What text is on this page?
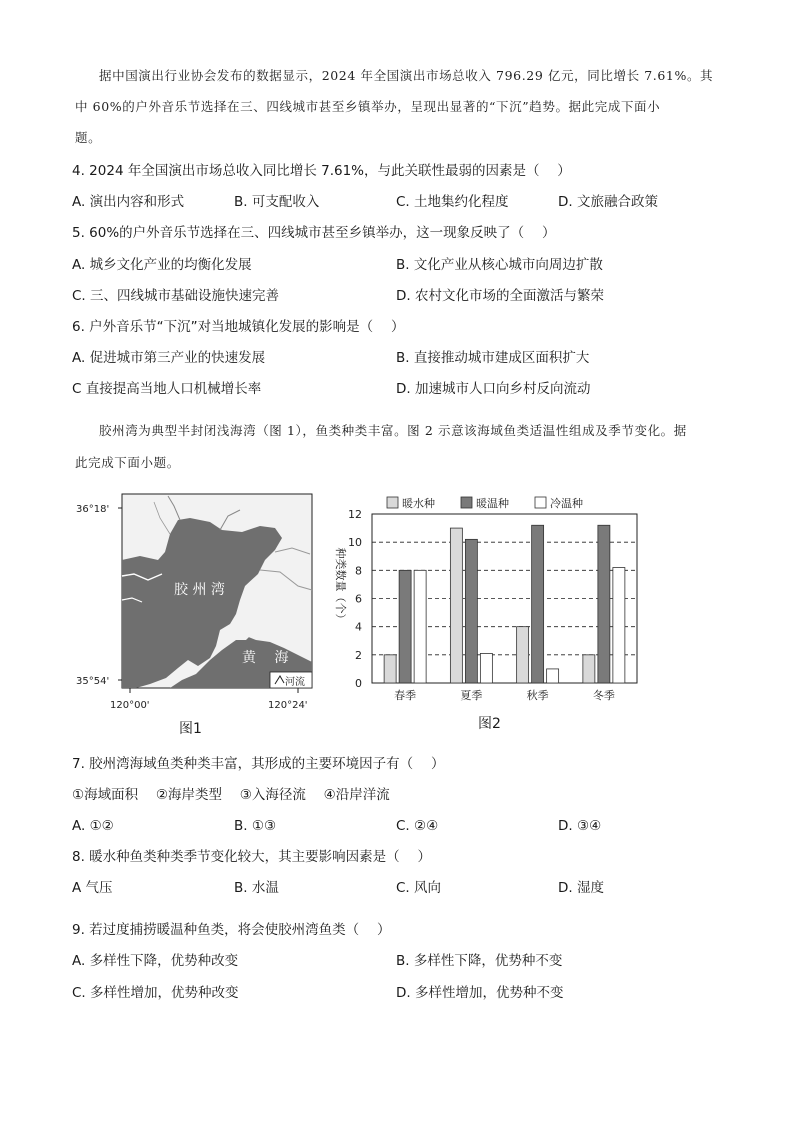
据中国演出行业协会发布的数据显示，2024 年全国演出市场总收入 796.29 亿元，同比增长 7.61%。其
中 60%的户外音乐节选择在三、四线城市甚至乡镇举办，呈现出显著的“下沉”趋势。据此完成下面小
题。
4. 2024 年全国演出市场总收入同比增长 7.61%，与此关联性最弱的因素是（　 ）
A. 演出内容和形式	B. 可支配收入	C. 土地集约化程度	D. 文旅融合政策
5. 60%的户外音乐节选择在三、四线城市甚至乡镇举办，这一现象反映了（　 ）
A. 城乡文化产业的均衡化发展	B. 文化产业从核心城市向周边扩散
C. 三、四线城市基础设施快速完善	D. 农村文化市场的全面激活与繁荣
6. 户外音乐节“下沉”对当地城镇化发展的影响是（　 ）
A. 促进城市第三产业的快速发展	B. 直接推动城市建成区面积扩大
C 直接提高当地人口机械增长率	D. 加速城市人口向乡村反向流动
胶州湾为典型半封闭浅海湾（图 1），鱼类种类丰富。图 2 示意该海域鱼类适温性组成及季节变化。据
此完成下面小题。
胶 州 湾
黄　 海
河流
36°18'
35°54'
120°00'	120°24'
图1
0
2
4
6
8
10
12
春季	夏季	秋季	冬季
暖水种	暖温种	冷温种
种类数量（个）
图2
7. 胶州湾海域鱼类种类丰富，其形成的主要环境因子有（　 ）
①海域面积　 ②海岸类型　 ③入海径流　 ④沿岸洋流
A. ①②	B. ①③	C. ②④	D. ③④
8. 暖水种鱼类种类季节变化较大，其主要影响因素是（　 ）
A 气压	B. 水温	C. 风向	D. 湿度
9. 若过度捕捞暖温种鱼类，将会使胶州湾鱼类（　 ）
A. 多样性下降，优势种改变	B. 多样性下降，优势种不变
C. 多样性增加，优势种改变	D. 多样性增加，优势种不变
